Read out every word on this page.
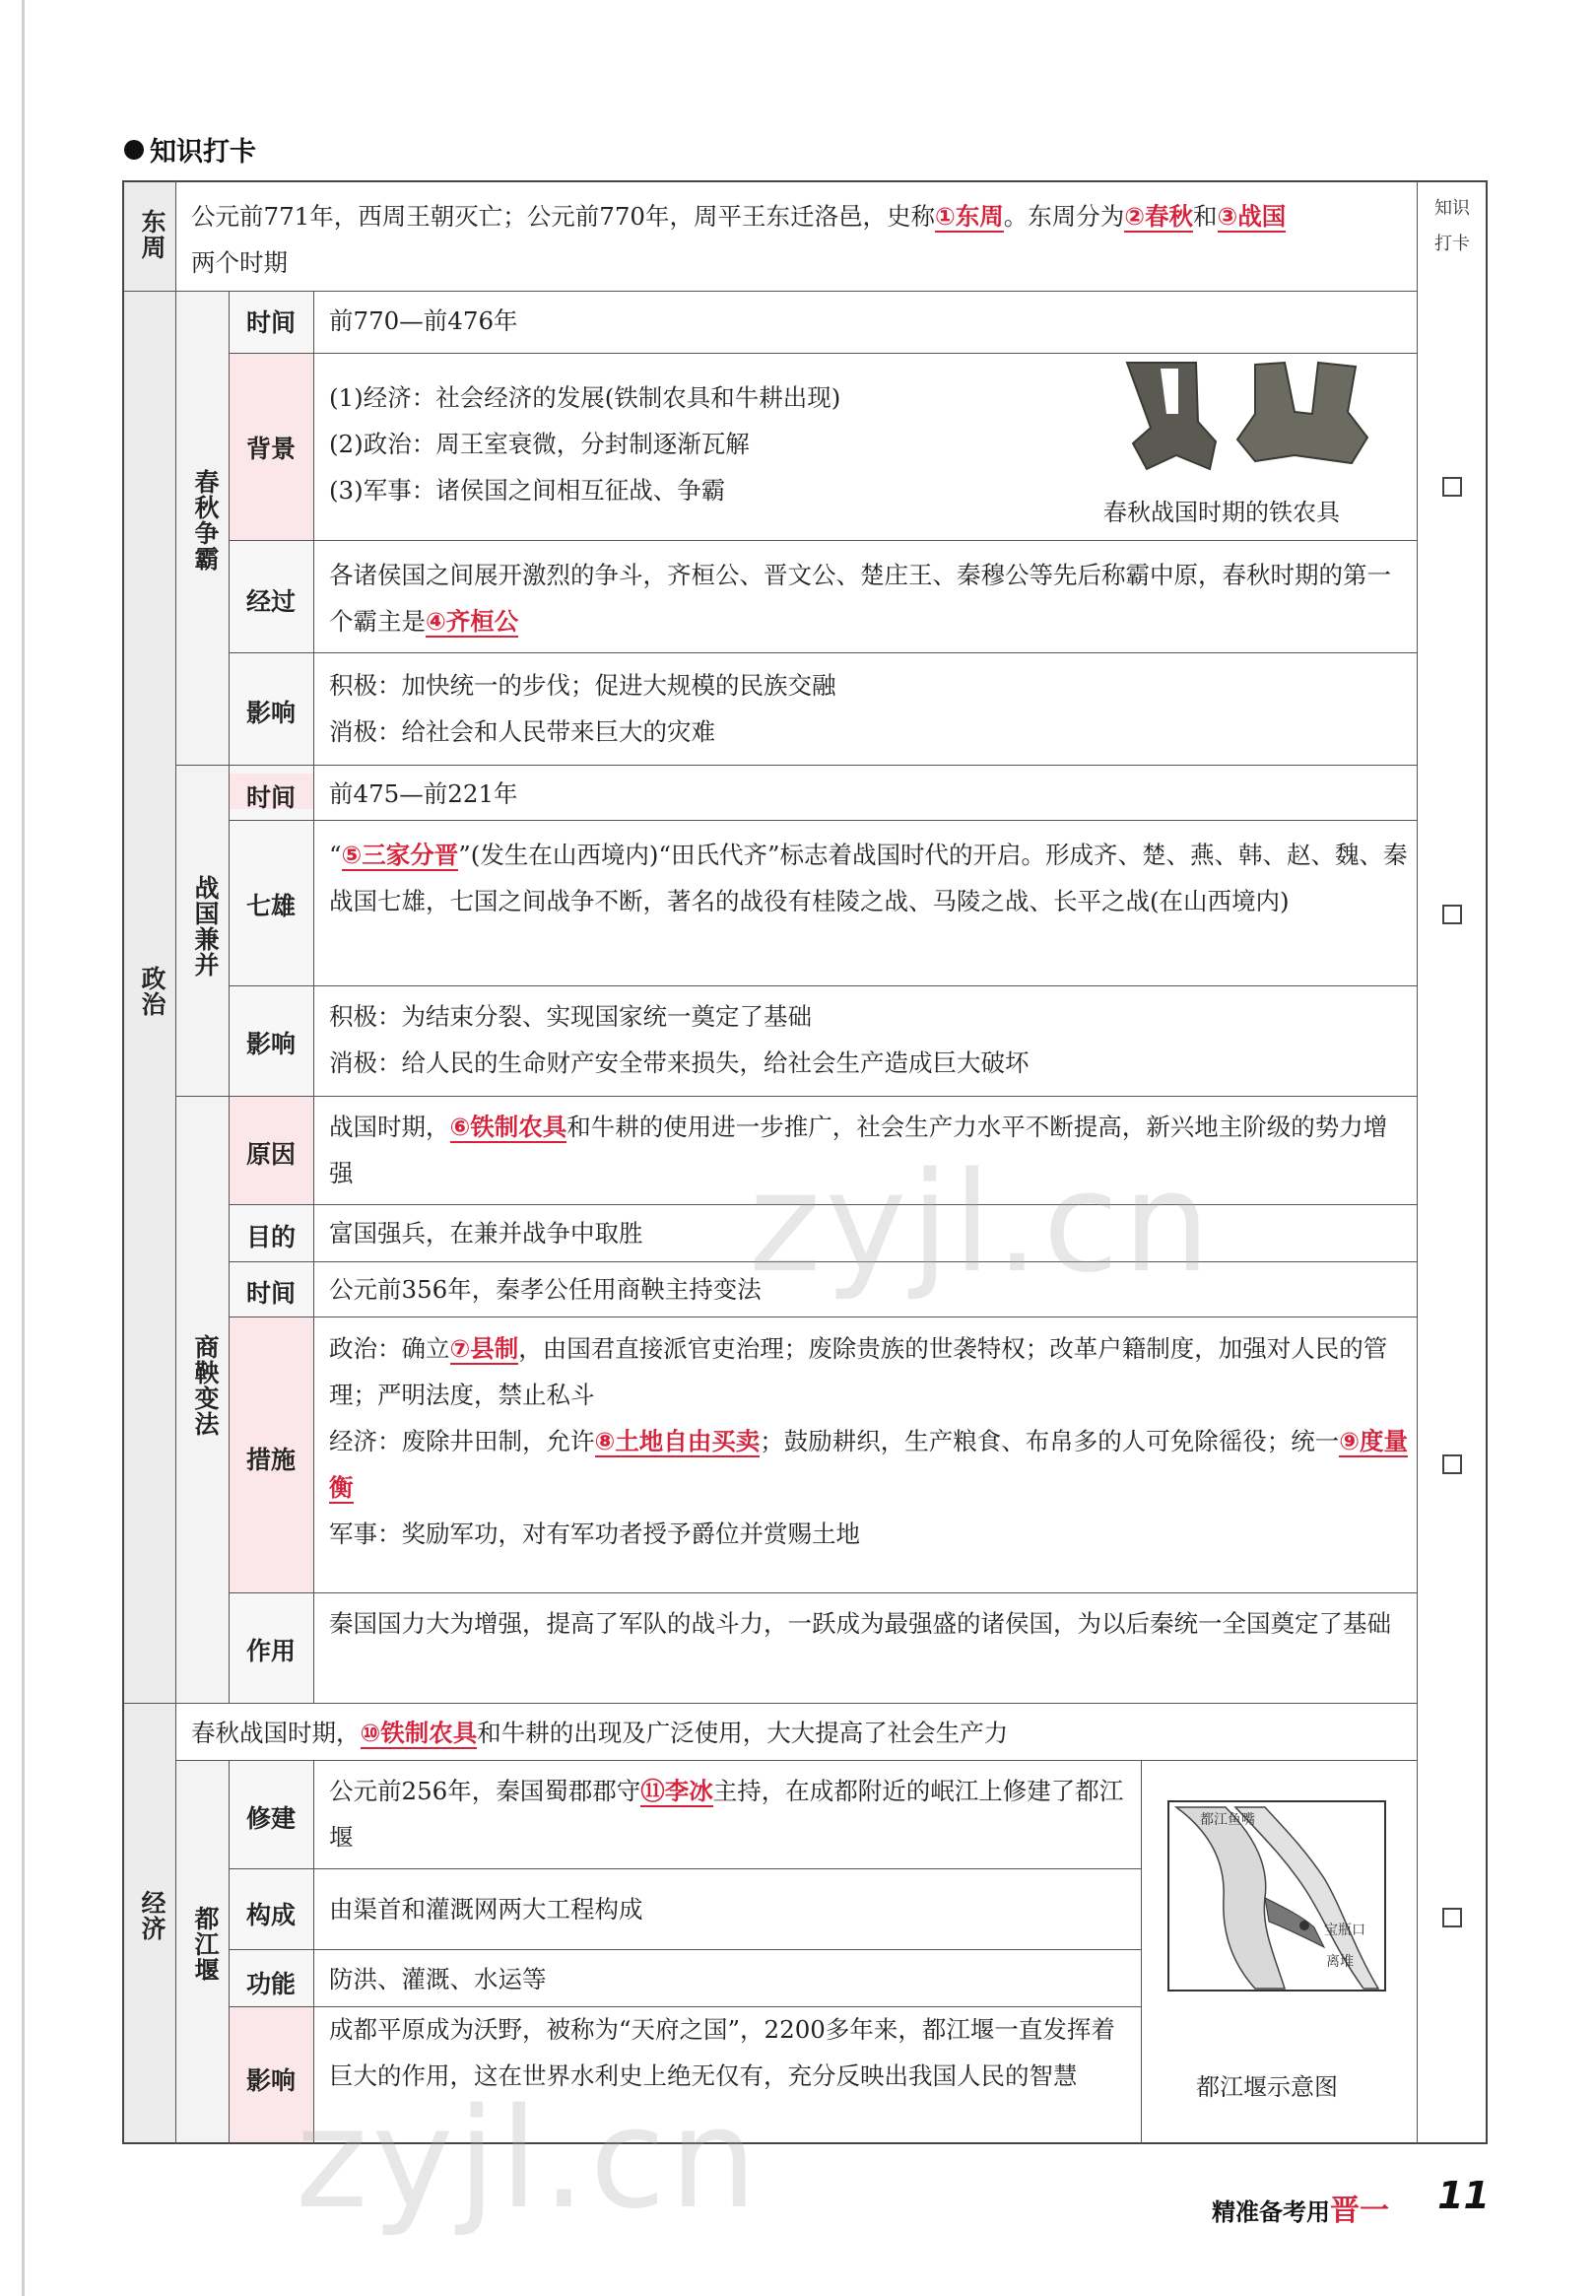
知识打卡
东周 公元前771年，西周王朝灭亡；公元前770年，周平王东迁洛邑，史称①东周。东周分为②春秋和③战国
两个时期
知识
打卡
政治
经济
春秋争霸
时间 前770—前476年
背景

(1)经济：社会经济的发展(铁制农具和牛耕出现)

(2)政治：周王室衰微，分封制逐渐瓦解

(3)军事：诸侯国之间相互征战、争霸

春秋战国时期的铁农具
经过
各诸侯国之间展开激烈的争斗，齐桓公、晋文公、楚庄王、秦穆公等先后称霸中原，春秋时期的第一个霸主是④齐桓公
影响

积极：加快统一的步伐；促进大规模的民族交融

消极：给社会和人民带来巨大的灾难

战国兼并
时间 前475—前221年
七雄
“⑤三家分晋”(发生在山西境内)“田氏代齐”标志着战国时代的开启。形成齐、楚、燕、韩、赵、魏、秦战国七雄，七国之间战争不断，著名的战役有桂陵之战、马陵之战、长平之战(在山西境内)
影响

积极：为结束分裂、实现国家统一奠定了基础

消极：给人民的生命财产安全带来损失，给社会生产造成巨大破坏

商鞅变法
原因
战国时期，⑥铁制农具和牛耕的使用进一步推广，社会生产力水平不断提高，新兴地主阶级的势力增强
目的 富国强兵，在兼并战争中取胜
时间 公元前356年，秦孝公任用商鞅主持变法
措施

政治：确立⑦县制，由国君直接派官吏治理；废除贵族的世袭特权；改革户籍制度，加强对人民的管理；严明法度，禁止私斗

经济：废除井田制，允许⑧土地自由买卖；鼓励耕织，生产粮食、布帛多的人可免除徭役；统一⑨度量衡

军事：奖励军功，对有军功者授予爵位并赏赐土地

作用
秦国国力大为增强，提高了军队的战斗力，一跃成为最强盛的诸侯国，为以后秦统一全国奠定了基础
春秋战国时期，⑩铁制农具和牛耕的出现及广泛使用，大大提高了社会生产力
都江堰
修建
公元前256年，秦国蜀郡郡守⑪李冰主持，在成都附近的岷江上修建了都江堰
构成 由渠首和灌溉网两大工程构成
功能 防洪、灌溉、水运等
影响
成都平原成为沃野，被称为“天府之国”，2200多年来，都江堰一直发挥着巨大的作用，这在世界水利史上绝无仅有，充分反映出我国人民的智慧
都江鱼嘴
宝瓶口
离堆
都江堰示意图
zyjl.cn
zyjl.cn	精准备考用晋一 11
